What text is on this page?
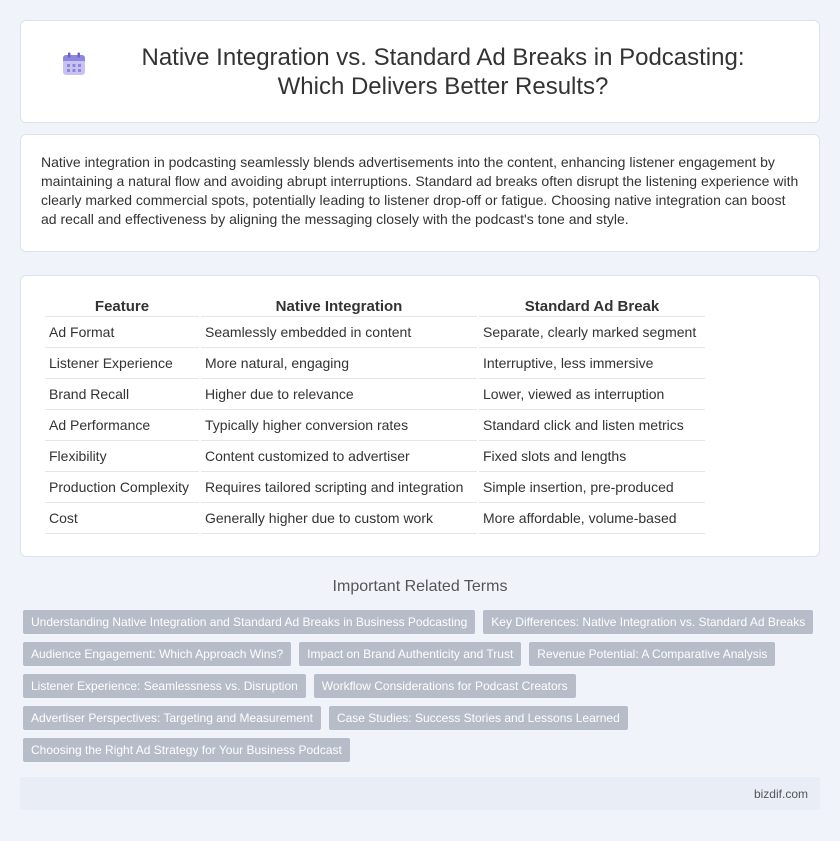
Native Integration vs. Standard Ad Breaks in Podcasting: Which Delivers Better Results?

Native integration in podcasting seamlessly blends advertisements into the content, enhancing listener engagement by maintaining a natural flow and avoiding abrupt interruptions. Standard ad breaks often disrupt the listening experience with clearly marked commercial spots, potentially leading to listener drop-off or fatigue. Choosing native integration can boost ad recall and effectiveness by aligning the messaging closely with the podcast's tone and style.

Feature	Native Integration	Standard Ad Break
Ad Format	Seamlessly embedded in content	Separate, clearly marked segment
Listener Experience	More natural, engaging	Interruptive, less immersive
Brand Recall	Higher due to relevance	Lower, viewed as interruption
Ad Performance	Typically higher conversion rates	Standard click and listen metrics
Flexibility	Content customized to advertiser	Fixed slots and lengths
Production Complexity	Requires tailored scripting and integration	Simple insertion, pre-produced
Cost	Generally higher due to custom work	More affordable, volume-based
Important Related Terms
Understanding Native Integration and Standard Ad Breaks in Business Podcasting	Key Differences: Native Integration vs. Standard Ad Breaks
Audience Engagement: Which Approach Wins?	Impact on Brand Authenticity and Trust	Revenue Potential: A Comparative Analysis
Listener Experience: Seamlessness vs. Disruption	Workflow Considerations for Podcast Creators
Advertiser Perspectives: Targeting and Measurement	Case Studies: Success Stories and Lessons Learned
Choosing the Right Ad Strategy for Your Business Podcast
bizdif.com
